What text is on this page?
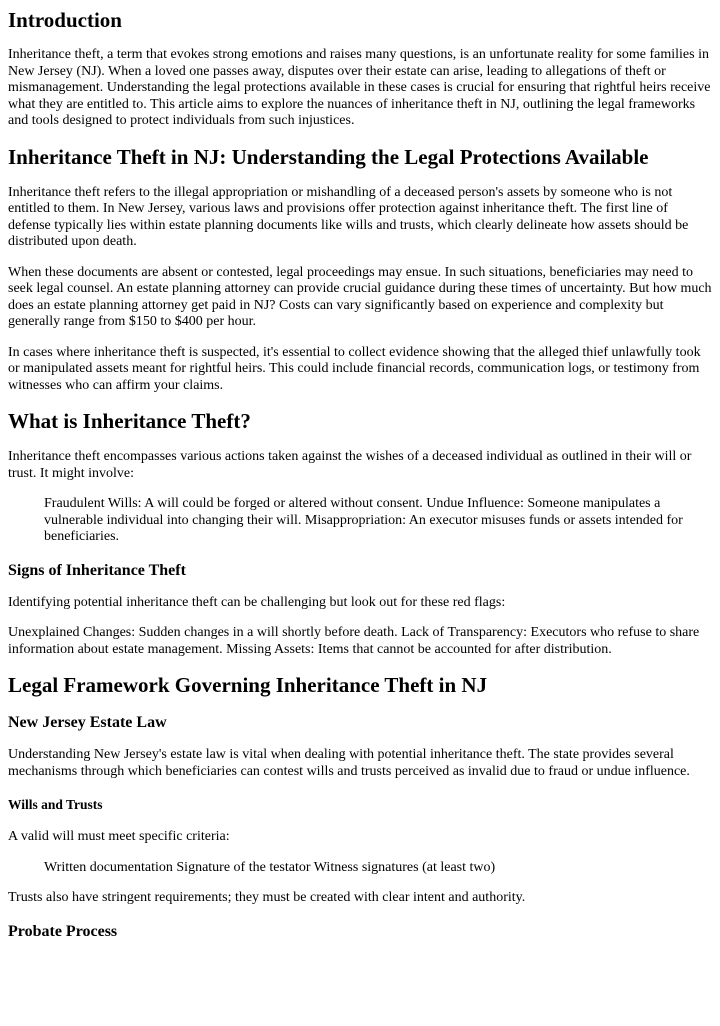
Introduction

Inheritance theft, a term that evokes strong emotions and raises many questions, is an unfortunate reality for some families in New Jersey (NJ). When a loved one passes away, disputes over their estate can arise, leading to allegations of theft or mismanagement. Understanding the legal protections available in these cases is crucial for ensuring that rightful heirs receive what they are entitled to. This article aims to explore the nuances of inheritance theft in NJ, outlining the legal frameworks and tools designed to protect individuals from such injustices.

Inheritance Theft in NJ: Understanding the Legal Protections Available

Inheritance theft refers to the illegal appropriation or mishandling of a deceased person's assets by someone who is not entitled to them. In New Jersey, various laws and provisions offer protection against inheritance theft. The first line of defense typically lies within estate planning documents like wills and trusts, which clearly delineate how assets should be distributed upon death.

When these documents are absent or contested, legal proceedings may ensue. In such situations, beneficiaries may need to seek legal counsel. An estate planning attorney can provide crucial guidance during these times of uncertainty. But how much does an estate planning attorney get paid in NJ? Costs can vary significantly based on experience and complexity but generally range from $150 to $400 per hour.

In cases where inheritance theft is suspected, it's essential to collect evidence showing that the alleged thief unlawfully took or manipulated assets meant for rightful heirs. This could include financial records, communication logs, or testimony from witnesses who can affirm your claims.

What is Inheritance Theft?

Inheritance theft encompasses various actions taken against the wishes of a deceased individual as outlined in their will or trust. It might involve:

Fraudulent Wills: A will could be forged or altered without consent. Undue Influence: Someone manipulates a vulnerable individual into changing their will. Misappropriation: An executor misuses funds or assets intended for beneficiaries.
Signs of Inheritance Theft

Identifying potential inheritance theft can be challenging but look out for these red flags:

Unexplained Changes: Sudden changes in a will shortly before death. Lack of Transparency: Executors who refuse to share information about estate management. Missing Assets: Items that cannot be accounted for after distribution.

Legal Framework Governing Inheritance Theft in NJ
New Jersey Estate Law

Understanding New Jersey's estate law is vital when dealing with potential inheritance theft. The state provides several mechanisms through which beneficiaries can contest wills and trusts perceived as invalid due to fraud or undue influence.

Wills and Trusts

A valid will must meet specific criteria:

Written documentation Signature of the testator Witness signatures (at least two)

Trusts also have stringent requirements; they must be created with clear intent and authority.

Probate Process
